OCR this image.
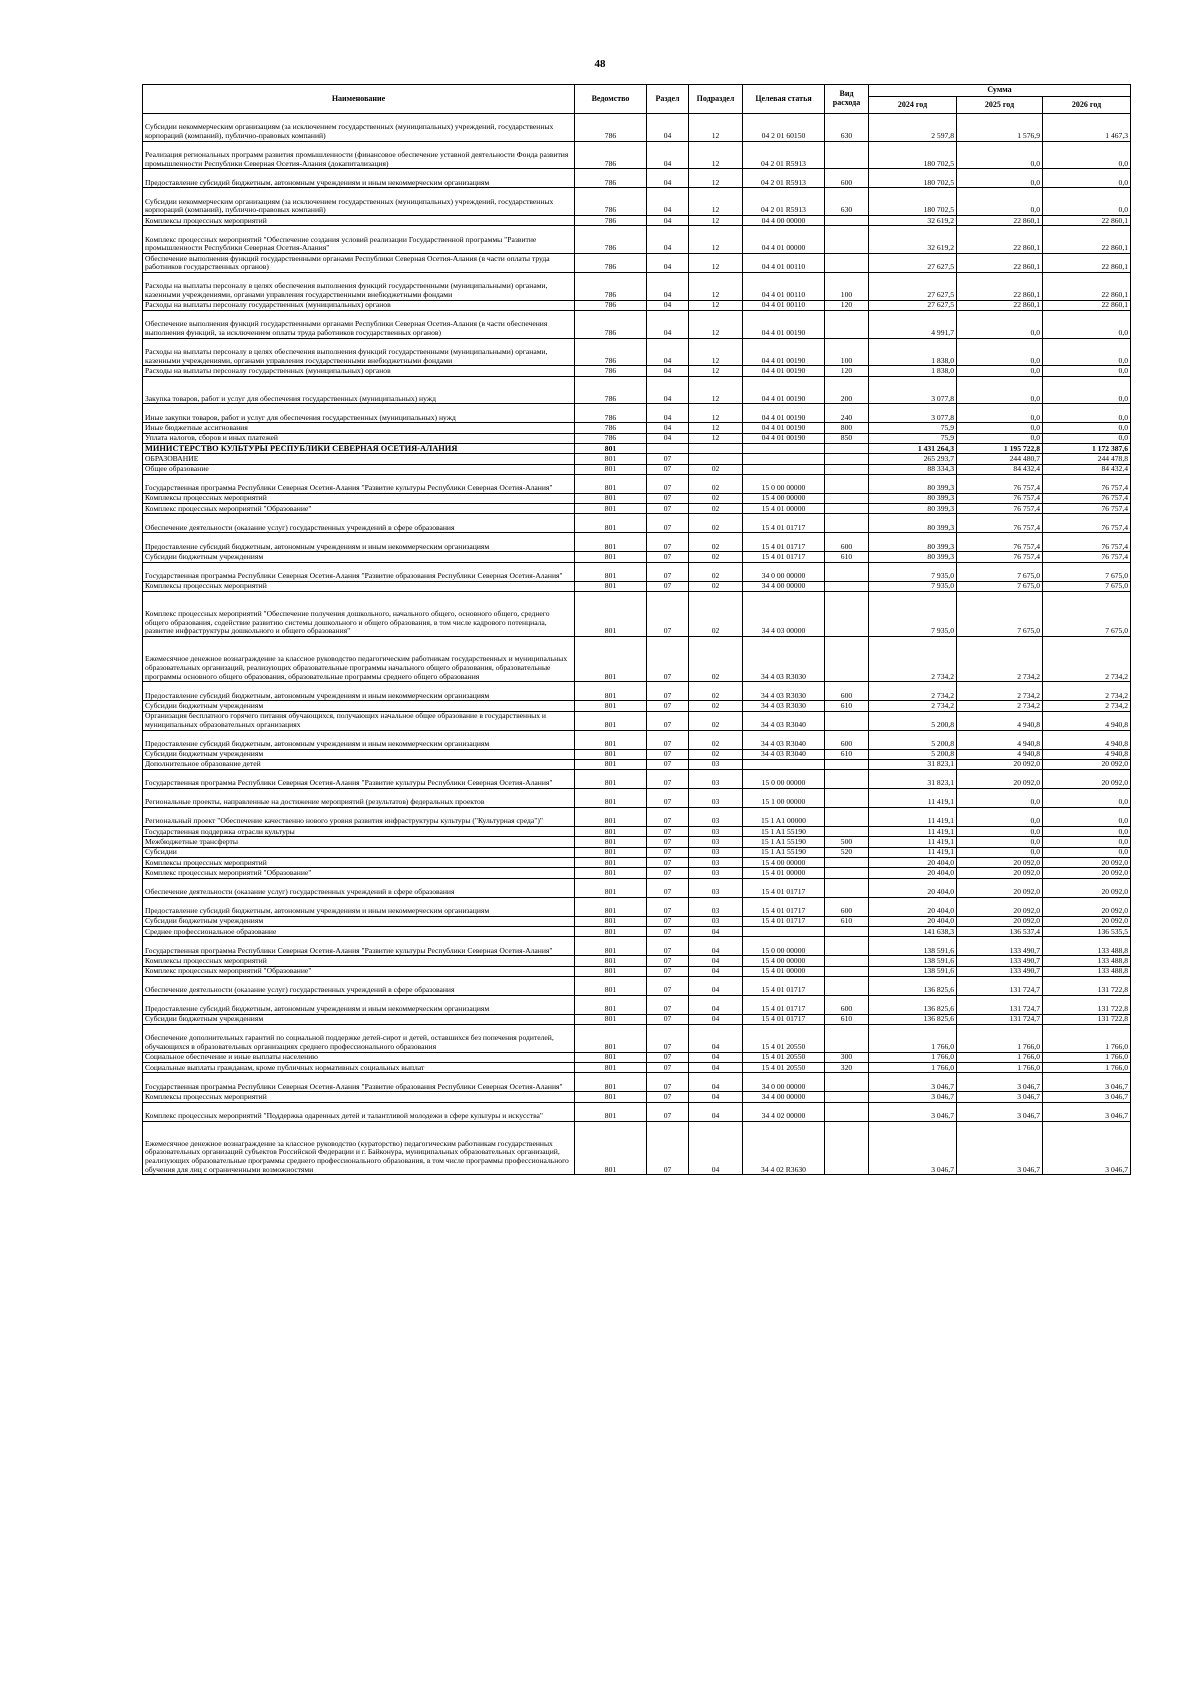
48
Наименование	Ведомство	Раздел	Подраздел	Целевая статья	Вид расхода	Сумма		
						2024 год	2025 год	2026 год
Субсидии некоммерческим организациям (за исключением государственных (муниципальных) учреждений, государственных корпораций (компаний), публично-правовых компаний)	786	04	12	04 2 01 60150	630	2 597,8	1 576,9	1 467,3
Реализация региональных программ развития промышленности (финансовое обеспечение уставной деятельности Фонда развития промышленности Республики Северная Осетия-Алания (докапитализация)	786	04	12	04 2 01 R5913		180 702,5	0,0	0,0
Предоставление субсидий бюджетным, автономным учреждениям и иным некоммерческим организациям	786	04	12	04 2 01 R5913	600	180 702,5	0,0	0,0
Субсидии некоммерческим организациям (за исключением государственных (муниципальных) учреждений, государственных корпораций (компаний), публично-правовых компаний)	786	04	12	04 2 01 R5913	630	180 702,5	0,0	0,0
Комплексы процессных мероприятий	786	04	12	04 4 00 00000		32 619,2	22 860,1	22 860,1
Комплекс процессных мероприятий "Обеспечение создания условий реализации Государственной программы "Развитие промышленности Республики Северная Осетия-Алания"	786	04	12	04 4 01 00000		32 619,2	22 860,1	22 860,1
Обеспечение выполнения функций государственными органами Республики Северная Осетия-Алания (в части оплаты труда работников государственных органов)	786	04	12	04 4 01 00110		27 627,5	22 860,1	22 860,1
Расходы на выплаты персоналу в целях обеспечения выполнения функций государственными (муниципальными) органами, казенными учреждениями, органами управления государственными внебюджетными фондами	786	04	12	04 4 01 00110	100	27 627,5	22 860,1	22 860,1
Расходы на выплаты персоналу государственных (муниципальных) органов	786	04	12	04 4 01 00110	120	27 627,5	22 860,1	22 860,1
Обеспечение выполнения функций государственными органами Республики Северная Осетия-Алания (в части обеспечения выполнения функций, за исключением оплаты труда работников государственных органов)	786	04	12	04 4 01 00190		4 991,7	0,0	0,0
Расходы на выплаты персоналу в целях обеспечения выполнения функций государственными (муниципальными) органами, казенными учреждениями, органами управления государственными внебюджетными фондами	786	04	12	04 4 01 00190	100	1 838,0	0,0	0,0
Расходы на выплаты персоналу государственных (муниципальных) органов	786	04	12	04 4 01 00190	120	1 838,0	0,0	0,0
Закупка товаров, работ и услуг для обеспечения государственных (муниципальных) нужд	786	04	12	04 4 01 00190	200	3 077,8	0,0	0,0
Иные закупки товаров, работ и услуг для обеспечения государственных (муниципальных) нужд	786	04	12	04 4 01 00190	240	3 077,8	0,0	0,0
Иные бюджетные ассигнования	786	04	12	04 4 01 00190	800	75,9	0,0	0,0
Уплата налогов, сборов и иных платежей	786	04	12	04 4 01 00190	850	75,9	0,0	0,0
МИНИСТЕРСТВО КУЛЬТУРЫ РЕСПУБЛИКИ СЕВЕРНАЯ ОСЕТИЯ-АЛАНИЯ	801					1 431 264,3	1 195 722,8	1 172 387,6
ОБРАЗОВАНИЕ	801	07				265 293,7	244 480,7	244 478,8
Общее образование	801	07	02			88 334,3	84 432,4	84 432,4
Государственная программа Республики Северная Осетия-Алания "Развитие культуры Республики Северная Осетия-Алания"	801	07	02	15 0 00 00000		80 399,3	76 757,4	76 757,4
Комплексы процессных мероприятий	801	07	02	15 4 00 00000		80 399,3	76 757,4	76 757,4
Комплекс процессных мероприятий "Образование"	801	07	02	15 4 01 00000		80 399,3	76 757,4	76 757,4
Обеспечение деятельности (оказание услуг) государственных учреждений в сфере образования	801	07	02	15 4 01 01717		80 399,3	76 757,4	76 757,4
Предоставление субсидий бюджетным, автономным учреждениям и иным некоммерческим организациям	801	07	02	15 4 01 01717	600	80 399,3	76 757,4	76 757,4
Субсидии бюджетным учреждениям	801	07	02	15 4 01 01717	610	80 399,3	76 757,4	76 757,4
Государственная программа Республики Северная Осетия-Алания "Развитие образования Республики Северная Осетия-Алания"	801	07	02	34 0 00 00000		7 935,0	7 675,0	7 675,0
Комплексы процессных мероприятий	801	07	02	34 4 00 00000		7 935,0	7 675,0	7 675,0
Комплекс процессных мероприятий "Обеспечение получения дошкольного, начального общего, основного общего, среднего общего образования, содействие развитию системы дошкольного и общего образования, в том числе кадрового потенциала, развитие инфраструктуры дошкольного и общего образования"	801	07	02	34 4 03 00000		7 935,0	7 675,0	7 675,0
Ежемесячное денежное вознаграждение за классное руководство педагогическим работникам государственных и муниципальных образовательных организаций, реализующих образовательные программы начального общего образования, образовательные программы основного общего образования, образовательные программы среднего общего образования	801	07	02	34 4 03 R3030		2 734,2	2 734,2	2 734,2
Предоставление субсидий бюджетным, автономным учреждениям и иным некоммерческим организациям	801	07	02	34 4 03 R3030	600	2 734,2	2 734,2	2 734,2
Субсидии бюджетным учреждениям	801	07	02	34 4 03 R3030	610	2 734,2	2 734,2	2 734,2
Организация бесплатного горячего питания обучающихся, получающих начальное общее образование в государственных и муниципальных образовательных организациях	801	07	02	34 4 03 R3040		5 200,8	4 940,8	4 940,8
Предоставление субсидий бюджетным, автономным учреждениям и иным некоммерческим организациям	801	07	02	34 4 03 R3040	600	5 200,8	4 940,8	4 940,8
Субсидии бюджетным учреждениям	801	07	02	34 4 03 R3040	610	5 200,8	4 940,8	4 940,8
Дополнительное образование детей	801	07	03			31 823,1	20 092,0	20 092,0
Государственная программа Республики Северная Осетия-Алания "Развитие культуры Республики Северная Осетия-Алания"	801	07	03	15 0 00 00000		31 823,1	20 092,0	20 092,0
Региональные проекты, направленные на достижение мероприятий (результатов) федеральных проектов	801	07	03	15 1 00 00000		11 419,1	0,0	0,0
Региональный проект "Обеспечение качественно нового уровня развития инфраструктуры культуры ("Культурная среда")"	801	07	03	15 1 A1 00000		11 419,1	0,0	0,0
Государственная поддержка отрасли культуры	801	07	03	15 1 A1 55190		11 419,1	0,0	0,0
Межбюджетные трансферты	801	07	03	15 1 A1 55190	500	11 419,1	0,0	0,0
Субсидии	801	07	03	15 1 A1 55190	520	11 419,1	0,0	0,0
Комплексы процессных мероприятий	801	07	03	15 4 00 00000		20 404,0	20 092,0	20 092,0
Комплекс процессных мероприятий "Образование"	801	07	03	15 4 01 00000		20 404,0	20 092,0	20 092,0
Обеспечение деятельности (оказание услуг) государственных учреждений в сфере образования	801	07	03	15 4 01 01717		20 404,0	20 092,0	20 092,0
Предоставление субсидий бюджетным, автономным учреждениям и иным некоммерческим организациям	801	07	03	15 4 01 01717	600	20 404,0	20 092,0	20 092,0
Субсидии бюджетным учреждениям	801	07	03	15 4 01 01717	610	20 404,0	20 092,0	20 092,0
Среднее профессиональное образование	801	07	04			141 638,3	136 537,4	136 535,5
Государственная программа Республики Северная Осетия-Алания "Развитие культуры Республики Северная Осетия-Алания"	801	07	04	15 0 00 00000		138 591,6	133 490,7	133 488,8
Комплексы процессных мероприятий	801	07	04	15 4 00 00000		138 591,6	133 490,7	133 488,8
Комплекс процессных мероприятий "Образование"	801	07	04	15 4 01 00000		138 591,6	133 490,7	133 488,8
Обеспечение деятельности (оказание услуг) государственных учреждений в сфере образования	801	07	04	15 4 01 01717		136 825,6	131 724,7	131 722,8
Предоставление субсидий бюджетным, автономным учреждениям и иным некоммерческим организациям	801	07	04	15 4 01 01717	600	136 825,6	131 724,7	131 722,8
Субсидии бюджетным учреждениям	801	07	04	15 4 01 01717	610	136 825,6	131 724,7	131 722,8
Обеспечение дополнительных гарантий по социальной поддержке детей-сирот и детей, оставшихся без попечения родителей, обучающихся в образовательных организациях среднего профессионального образования	801	07	04	15 4 01 20550		1 766,0	1 766,0	1 766,0
Социальное обеспечение и иные выплаты населению	801	07	04	15 4 01 20550	300	1 766,0	1 766,0	1 766,0
Социальные выплаты гражданам, кроме публичных нормативных социальных выплат	801	07	04	15 4 01 20550	320	1 766,0	1 766,0	1 766,0
Государственная программа Республики Северная Осетия-Алания "Развитие образования Республики Северная Осетия-Алания"	801	07	04	34 0 00 00000		3 046,7	3 046,7	3 046,7
Комплексы процессных мероприятий	801	07	04	34 4 00 00000		3 046,7	3 046,7	3 046,7
Комплекс процессных мероприятий "Поддержка одаренных детей и талантливой молодежи в сфере культуры и искусства"	801	07	04	34 4 02 00000		3 046,7	3 046,7	3 046,7
Ежемесячное денежное вознаграждение за классное руководство (кураторство) педагогическим работникам государственных образовательных организаций субъектов Российской Федерации и г. Байконура, муниципальных образовательных организаций, реализующих образовательные программы среднего профессионального образования, в том числе программы профессионального обучения для лиц с ограниченными возможностями	801	07	04	34 4 02 R3630		3 046,7	3 046,7	3 046,7
